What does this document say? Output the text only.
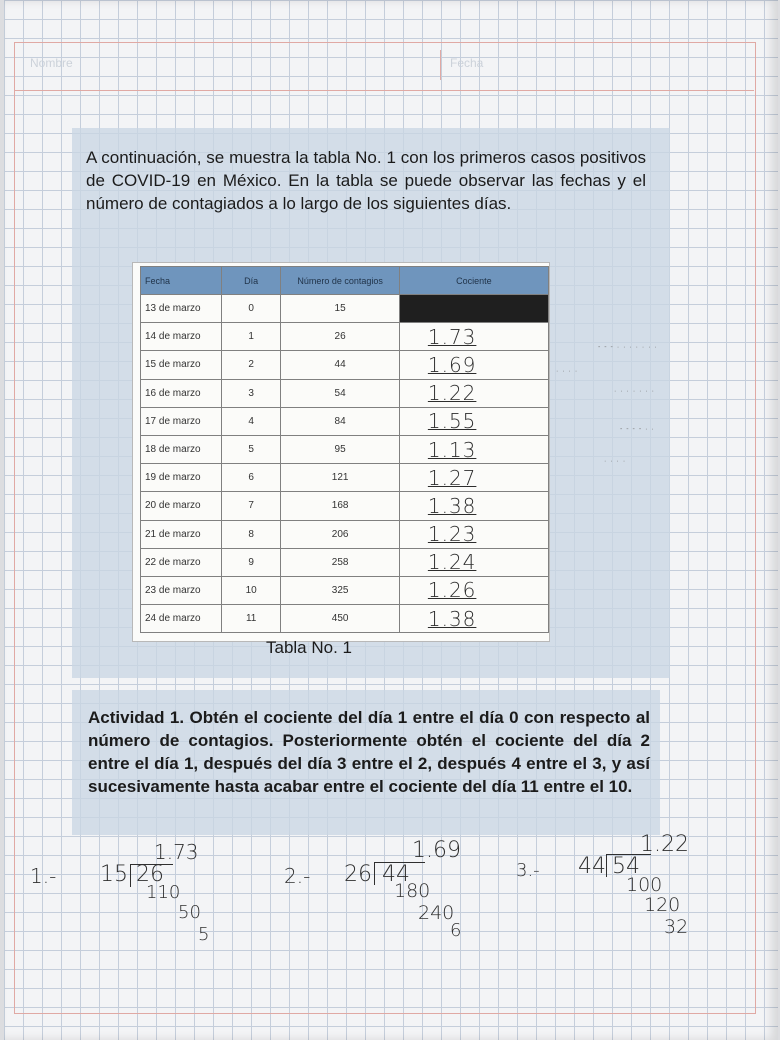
Nombre	Fecha

A continuación, se muestra la tabla No. 1 con los primeros casos positivos de COVID-19 en México. En la tabla se puede observar las fechas y el número de contagiados a lo largo de los siguientes días.

Fecha	Día	Número de contagios	Cociente
13 de marzo	0	15	
14 de marzo	1	26	1.73
15 de marzo	2	44	1.69
16 de marzo	3	54	1.22
17 de marzo	4	84	1.55
18 de marzo	5	95	1.13
19 de marzo	6	121	1.27
20 de marzo	7	168	1.38
21 de marzo	8	206	1.23
22 de marzo	9	258	1.24
23 de marzo	10	325	1.26
24 de marzo	11	450	1.38
Tabla No. 1
- - - · · · · · · ·
· · · ·
· · · · · · ·
- - - - · ·
· · · ·

Actividad 1. Obtén el cociente del día 1 entre el día 0 con respecto al número de contagios. Posteriormente obtén el cociente del día 2 entre el día 1, después del día 3 entre el 2, después 4 entre el 3, y así sucesivamente hasta acabar entre el cociente del día 11 entre el 10.

1.-
1.73
15 26
110
50
5
2.-
1.69
26 44
180
240
6
3.-
1.22
44 54
100
120
32
